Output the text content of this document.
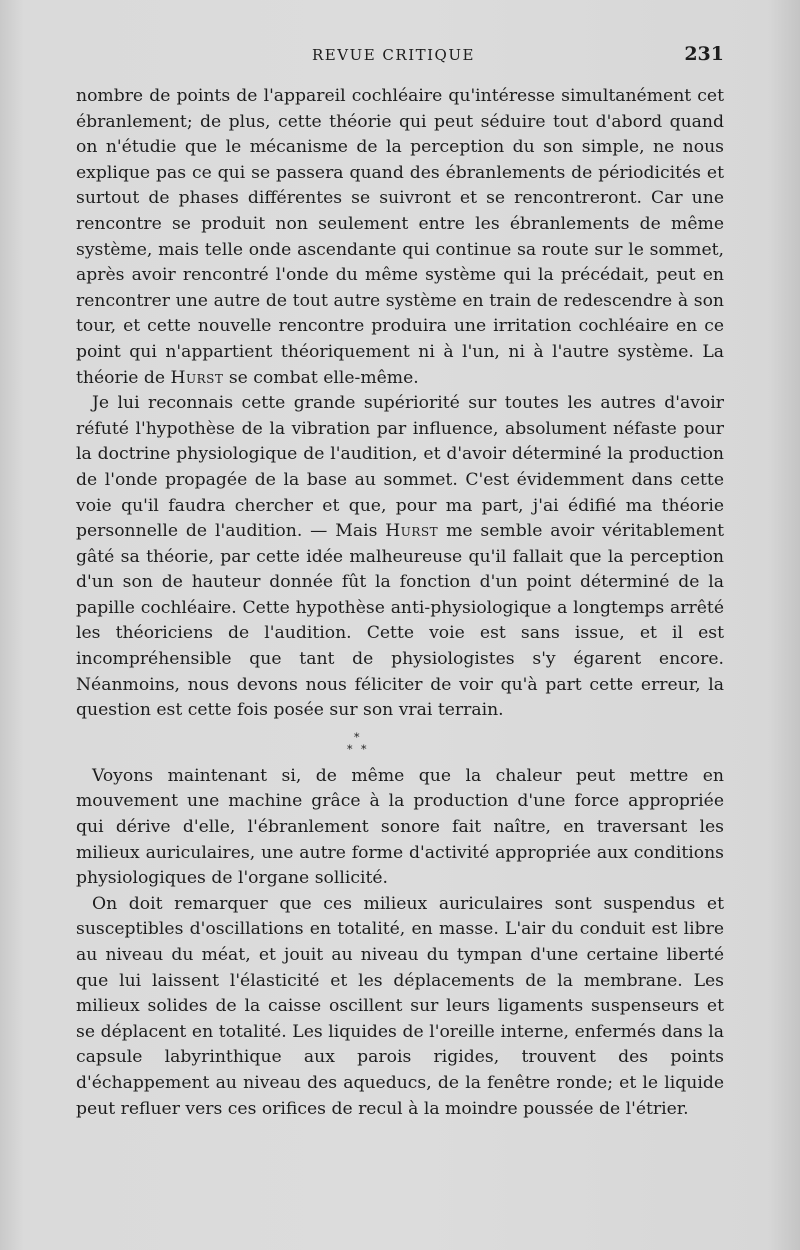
REVUE CRITIQUE	231

nombre de points de l'appareil cochléaire qu'intéresse simultanément cet ébranlement; de plus, cette théorie qui peut séduire tout d'abord quand on n'étudie que le mécanisme de la perception du son simple, ne nous explique pas ce qui se passera quand des ébranlements de périodicités et surtout de phases différentes se suivront et se rencontreront. Car une rencontre se produit non seulement entre les ébranlements de même système, mais telle onde ascendante qui continue sa route sur le sommet, après avoir rencontré l'onde du même système qui la précédait, peut en rencontrer une autre de tout autre système en train de redescendre à son tour, et cette nouvelle rencontre produira une irritation cochléaire en ce point qui n'appartient théoriquement ni à l'un, ni à l'autre système. La théorie de Hurst se combat elle-même.

Je lui reconnais cette grande supériorité sur toutes les autres d'avoir réfuté l'hypothèse de la vibration par influence, absolument néfaste pour la doctrine physiologique de l'audition, et d'avoir déterminé la production de l'onde propagée de la base au sommet. C'est évidemment dans cette voie qu'il faudra chercher et que, pour ma part, j'ai édifié ma théorie personnelle de l'audition. — Mais Hurst me semble avoir véritablement gâté sa théorie, par cette idée malheureuse qu'il fallait que la perception d'un son de hauteur donnée fût la fonction d'un point déterminé de la papille cochléaire. Cette hypothèse anti-physiologique a longtemps arrêté les théoriciens de l'audition. Cette voie est sans issue, et il est incompréhensible que tant de physiologistes s'y égarent encore. Néanmoins, nous devons nous féliciter de voir qu'à part cette erreur, la question est cette fois posée sur son vrai terrain.

*
* *

Voyons maintenant si, de même que la chaleur peut mettre en mouvement une machine grâce à la production d'une force appropriée qui dérive d'elle, l'ébranlement sonore fait naître, en traversant les milieux auriculaires, une autre forme d'activité appropriée aux conditions physiologiques de l'organe sollicité.

On doit remarquer que ces milieux auriculaires sont suspendus et susceptibles d'oscillations en totalité, en masse. L'air du conduit est libre au niveau du méat, et jouit au niveau du tympan d'une certaine liberté que lui laissent l'élasticité et les déplacements de la membrane. Les milieux solides de la caisse oscillent sur leurs ligaments suspenseurs et se déplacent en totalité. Les liquides de l'oreille interne, enfermés dans la capsule labyrinthique aux parois rigides, trouvent des points d'échappement au niveau des aqueducs, de la fenêtre ronde; et le liquide peut refluer vers ces orifices de recul à la moindre poussée de l'étrier.
